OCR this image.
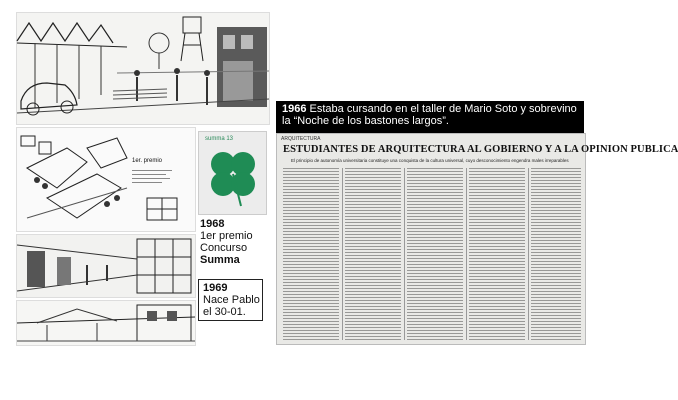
1er. premio
summa 13
1968
1er premio
Concurso
Summa
1969
Nace Pablo
el 30-01.
1966 Estaba cursando en el taller de Mario Soto y sobrevino la “Noche de los bastones largos”.
ARQUITECTURA
ESTUDIANTES DE ARQUITECTURA AL GOBIERNO Y A LA OPINION PUBLICA
El principio de autonomía universitaria constituye una conquista de la cultura universal, cuyo desconocimiento engendra males irreparables
